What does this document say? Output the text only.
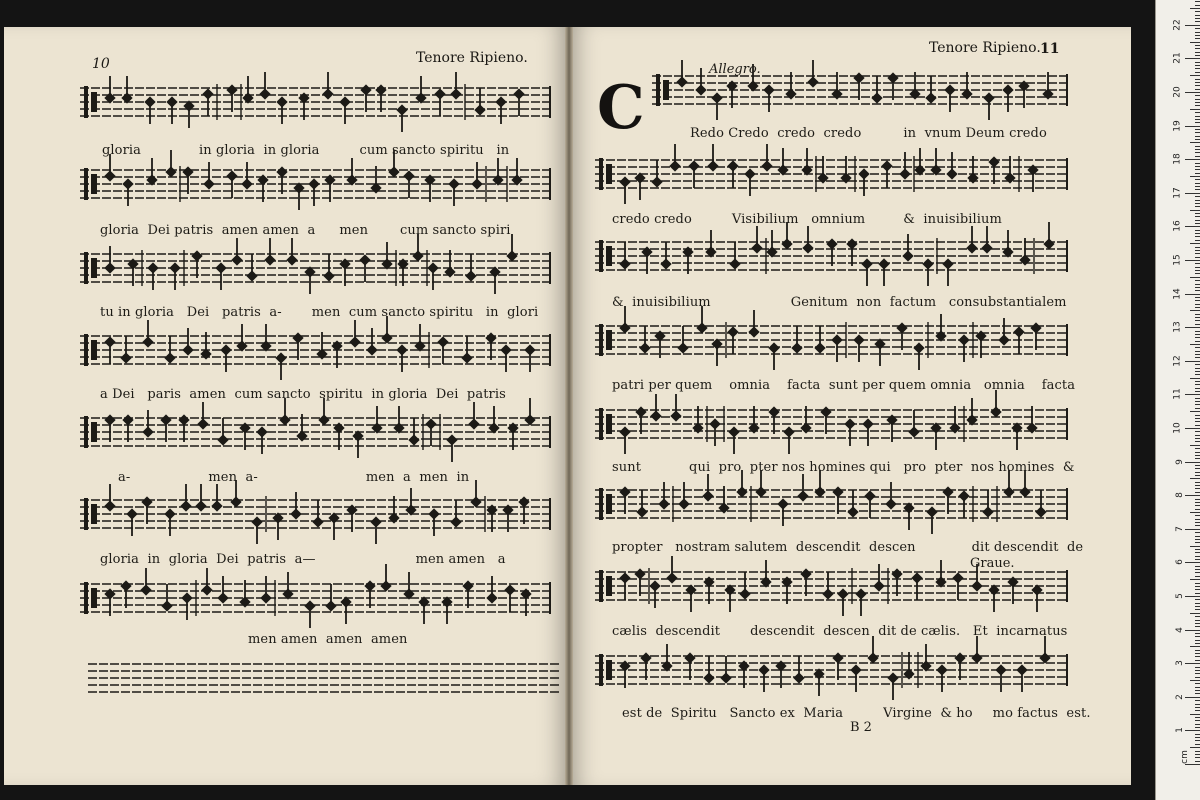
10	Tenore Ripieno.
Tenore Ripieno. 11
C
Allegro.
Graue.
B 2
gloria	in gloria  in gloria	cum sancto spiritu   in
gloria  Dei patris  amen amen  a men cum sancto spiri
tu in gloria   Dei   patris  a- men  cum sancto spiritu   in  glori
a Dei   paris  amen  cum sancto  spiritu  in gloria  Dei  patris
a-	men  a-	men  a  men  in
gloria  in  gloria  Dei  patris  a—	men amen   a
men amen  amen  amen
Redo Credo  credo  credo	in  vnum Deum credo
credo credo	Visibilium   omnium	&  inuisibilium
&  inuisibilium	Genitum  non  factum   consubstantialem
patri per quem    omnia    facta  sunt per quem omnia   omnia    facta
sunt	qui  pro  pter nos homines qui   pro  pter  nos homines  &
propter   nostram salutem  descendit  descen	dit descendit  de
cælis  descendit descendit  descen  dit de cælis.   Et  incarnatus
est de  Spiritu   Sancto ex  Maria	Virgine  & ho mo factus  est.
1
2
3
4
5
6
7
8
9
10
11
12
13
14
15
16
17
18
19
20
21
22
cm
